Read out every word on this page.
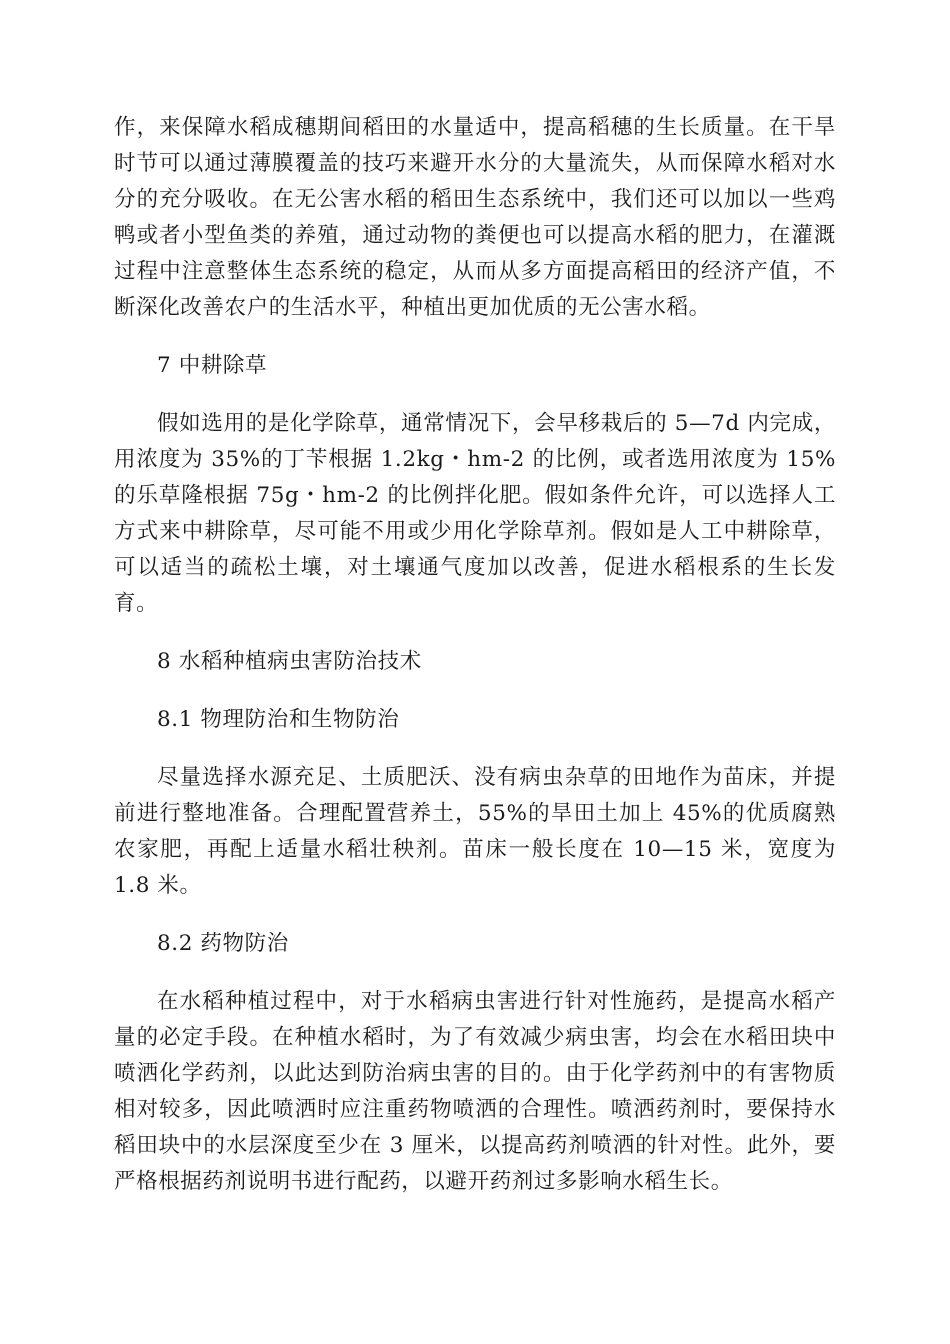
作，来保障水稻成穗期间稻田的水量适中，提高稻穗的生长质量。在干旱时节可以通过薄膜覆盖的技巧来避开水分的大量流失，从而保障水稻对水分的充分吸收。在无公害水稻的稻田生态系统中，我们还可以加以一些鸡鸭或者小型鱼类的养殖，通过动物的粪便也可以提高水稻的肥力，在灌溉过程中注意整体生态系统的稳定，从而从多方面提高稻田的经济产值，不断深化改善农户的生活水平，种植出更加优质的无公害水稻。

7 中耕除草

假如选用的是化学除草，通常情况下，会早移栽后的 5—7d 内完成，用浓度为 35%的丁苄根据 1.2kg・hm-2 的比例，或者选用浓度为 15%的乐草隆根据 75g・hm-2 的比例拌化肥。假如条件允许，可以选择人工方式来中耕除草，尽可能不用或少用化学除草剂。假如是人工中耕除草，可以适当的疏松土壤，对土壤通气度加以改善，促进水稻根系的生长发育。

8 水稻种植病虫害防治技术

8.1 物理防治和生物防治

尽量选择水源充足、土质肥沃、没有病虫杂草的田地作为苗床，并提前进行整地准备。合理配置营养土，55%的旱田土加上 45%的优质腐熟农家肥，再配上适量水稻壮秧剂。苗床一般长度在 10—15 米，宽度为 1.8 米。

8.2 药物防治

在水稻种植过程中，对于水稻病虫害进行针对性施药，是提高水稻产量的必定手段。在种植水稻时，为了有效减少病虫害，均会在水稻田块中喷洒化学药剂，以此达到防治病虫害的目的。由于化学药剂中的有害物质相对较多，因此喷洒时应注重药物喷洒的合理性。喷洒药剂时，要保持水稻田块中的水层深度至少在 3 厘米，以提高药剂喷洒的针对性。此外，要严格根据药剂说明书进行配药，以避开药剂过多影响水稻生长。
